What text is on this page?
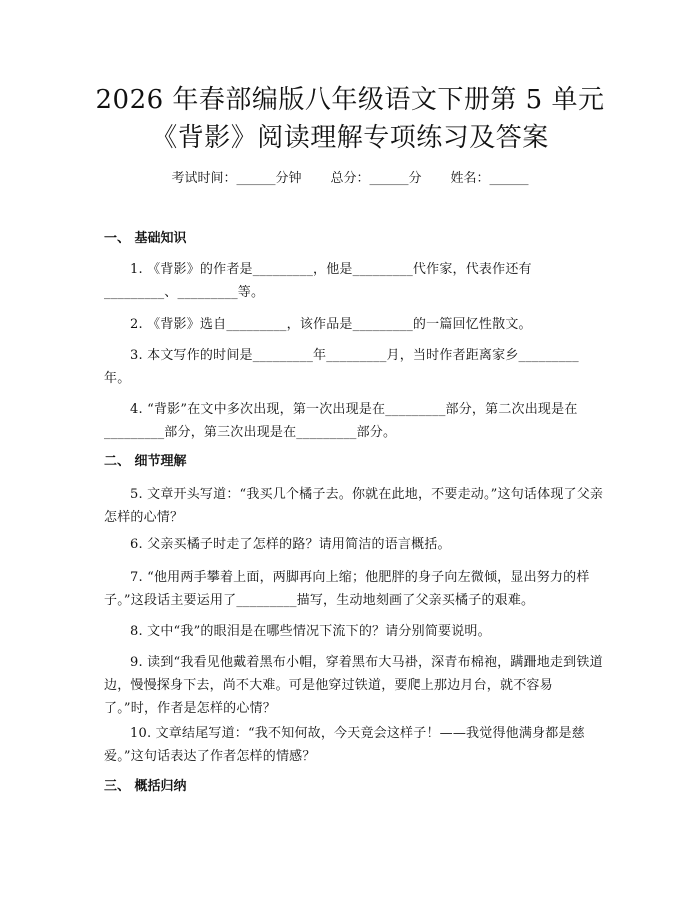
2026 年春部编版八年级语文下册第 5 单元
《背影》阅读理解专项练习及答案
考试时间：______分钟 总分：______分 姓名：______
一、 基础知识
1. 《背影》的作者是_________，他是_________代作家，代表作还有_________、_________等。
2. 《背影》选自_________，该作品是_________的一篇回忆性散文。
3. 本文写作的时间是_________年_________月，当时作者距离家乡_________年。
4. “背影”在文中多次出现，第一次出现是在_________部分，第二次出现是在_________部分，第三次出现是在_________部分。
二、 细节理解
5. 文章开头写道：“我买几个橘子去。你就在此地，不要走动。”这句话体现了父亲怎样的心情？
6. 父亲买橘子时走了怎样的路？请用简洁的语言概括。
7. “他用两手攀着上面，两脚再向上缩；他肥胖的身子向左微倾，显出努力的样子。”这段话主要运用了_________描写，生动地刻画了父亲买橘子的艰难。
8. 文中“我”的眼泪是在哪些情况下流下的？请分别简要说明。
9. 读到“我看见他戴着黑布小帽，穿着黑布大马褂，深青布棉袍，蹒跚地走到铁道边，慢慢探身下去，尚不大难。可是他穿过铁道，要爬上那边月台，就不容易了。”时，作者是怎样的心情？
10. 文章结尾写道：“我不知何故，今天竟会这样子！——我觉得他满身都是慈爱。”这句话表达了作者怎样的情感？
三、 概括归纳
